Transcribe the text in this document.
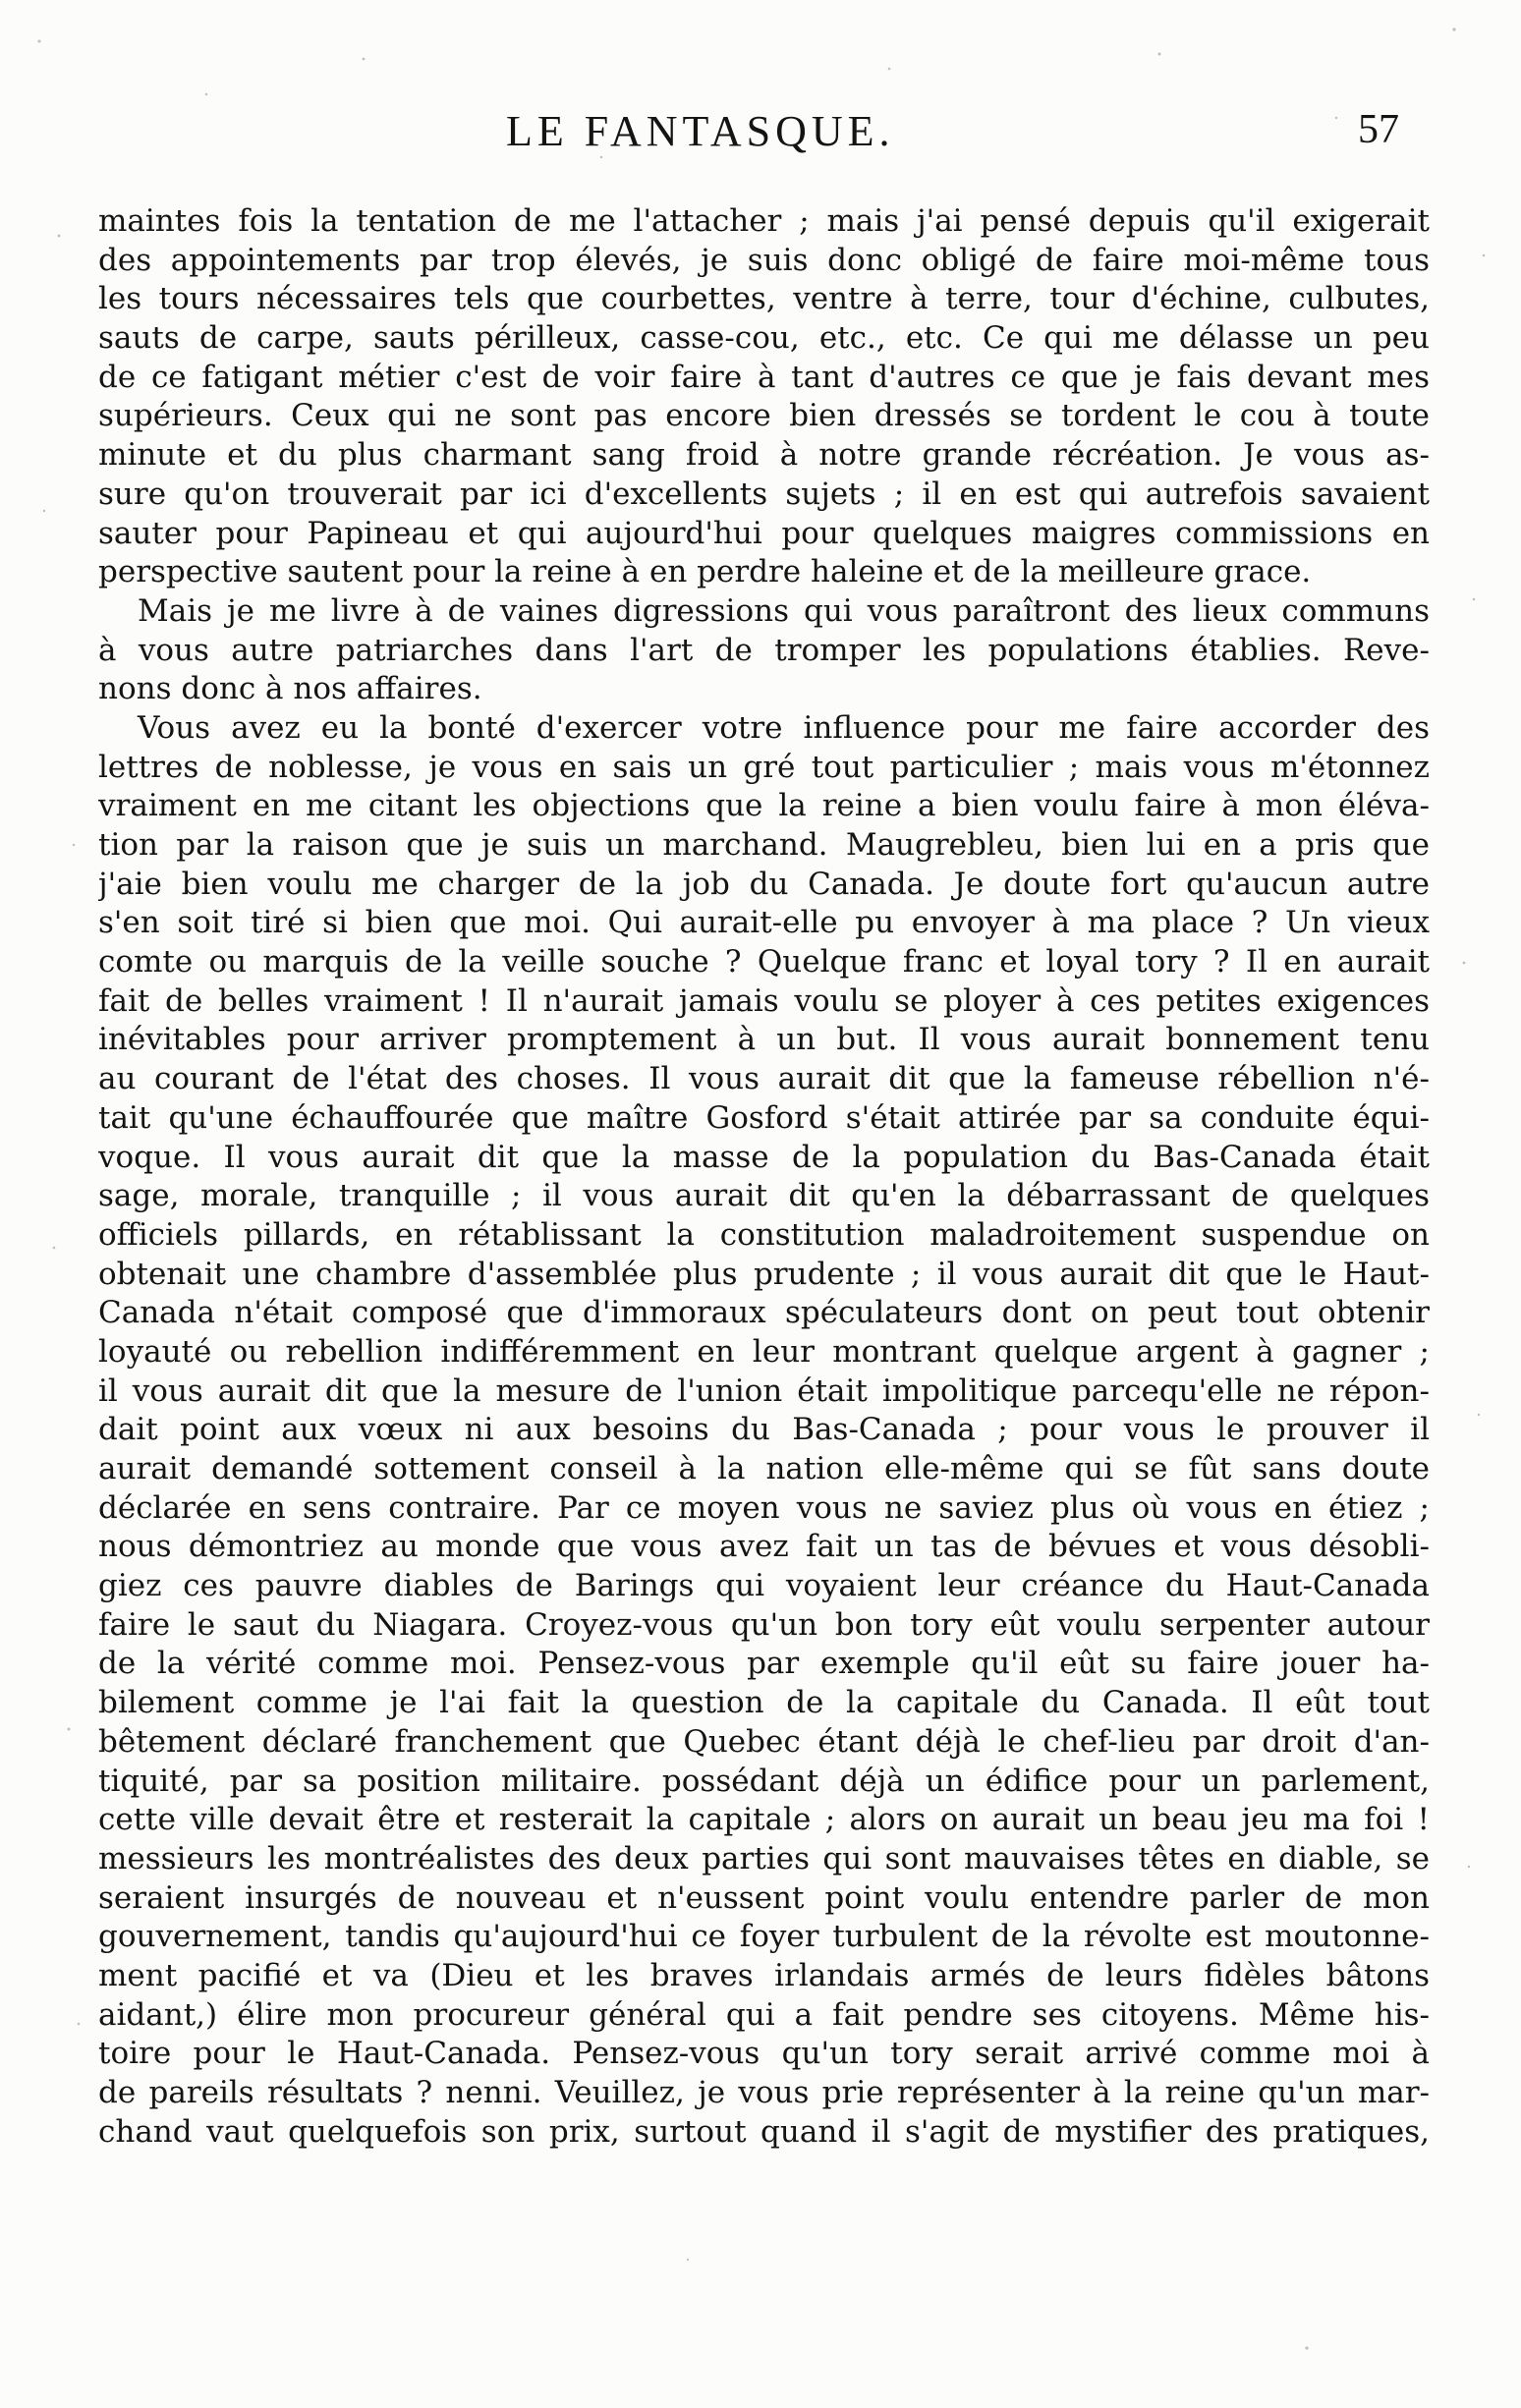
LE FANTASQUE.	57
maintes fois la tentation de me l'attacher ; mais j'ai pensé depuis qu'il exigerait
des appointements par trop élevés, je suis donc obligé de faire moi-même tous
les tours nécessaires tels que courbettes, ventre à terre, tour d'échine, culbutes,
sauts de carpe, sauts périlleux, casse-cou, etc., etc. Ce qui me délasse un peu
de ce fatigant métier c'est de voir faire à tant d'autres ce que je fais devant mes
supérieurs. Ceux qui ne sont pas encore bien dressés se tordent le cou à toute
minute et du plus charmant sang froid à notre grande récréation. Je vous as-
sure qu'on trouverait par ici d'excellents sujets ; il en est qui autrefois savaient
sauter pour Papineau et qui aujourd'hui pour quelques maigres commissions en
perspective sautent pour la reine à en perdre haleine et de la meilleure grace.
Mais je me livre à de vaines digressions qui vous paraîtront des lieux communs
à vous autre patriarches dans l'art de tromper les populations établies. Reve-
nons donc à nos affaires.
Vous avez eu la bonté d'exercer votre influence pour me faire accorder des
lettres de noblesse, je vous en sais un gré tout particulier ; mais vous m'étonnez
vraiment en me citant les objections que la reine a bien voulu faire à mon éléva-
tion par la raison que je suis un marchand. Maugrebleu, bien lui en a pris que
j'aie bien voulu me charger de la job du Canada. Je doute fort qu'aucun autre
s'en soit tiré si bien que moi. Qui aurait-elle pu envoyer à ma place ? Un vieux
comte ou marquis de la veille souche ? Quelque franc et loyal tory ? Il en aurait
fait de belles vraiment ! Il n'aurait jamais voulu se ployer à ces petites exigences
inévitables pour arriver promptement à un but. Il vous aurait bonnement tenu
au courant de l'état des choses. Il vous aurait dit que la fameuse rébellion n'é-
tait qu'une échauffourée que maître Gosford s'était attirée par sa conduite équi-
voque. Il vous aurait dit que la masse de la population du Bas-Canada était
sage, morale, tranquille ; il vous aurait dit qu'en la débarrassant de quelques
officiels pillards, en rétablissant la constitution maladroitement suspendue on
obtenait une chambre d'assemblée plus prudente ; il vous aurait dit que le Haut-
Canada n'était composé que d'immoraux spéculateurs dont on peut tout obtenir
loyauté ou rebellion indifféremment en leur montrant quelque argent à gagner ;
il vous aurait dit que la mesure de l'union était impolitique parcequ'elle ne répon-
dait point aux vœux ni aux besoins du Bas-Canada ; pour vous le prouver il
aurait demandé sottement conseil à la nation elle-même qui se fût sans doute
déclarée en sens contraire. Par ce moyen vous ne saviez plus où vous en étiez ;
nous démontriez au monde que vous avez fait un tas de bévues et vous désobli-
giez ces pauvre diables de Barings qui voyaient leur créance du Haut-Canada
faire le saut du Niagara. Croyez-vous qu'un bon tory eût voulu serpenter autour
de la vérité comme moi. Pensez-vous par exemple qu'il eût su faire jouer ha-
bilement comme je l'ai fait la question de la capitale du Canada. Il eût tout
bêtement déclaré franchement que Quebec étant déjà le chef-lieu par droit d'an-
tiquité, par sa position militaire. possédant déjà un édifice pour un parlement,
cette ville devait être et resterait la capitale ; alors on aurait un beau jeu ma foi !
messieurs les montréalistes des deux parties qui sont mauvaises têtes en diable, se
seraient insurgés de nouveau et n'eussent point voulu entendre parler de mon
gouvernement, tandis qu'aujourd'hui ce foyer turbulent de la révolte est moutonne-
ment pacifié et va (Dieu et les braves irlandais armés de leurs fidèles bâtons
aidant,) élire mon procureur général qui a fait pendre ses citoyens. Même his-
toire pour le Haut-Canada. Pensez-vous qu'un tory serait arrivé comme moi à
de pareils résultats ? nenni. Veuillez, je vous prie représenter à la reine qu'un mar-
chand vaut quelquefois son prix, surtout quand il s'agit de mystifier des pratiques,
